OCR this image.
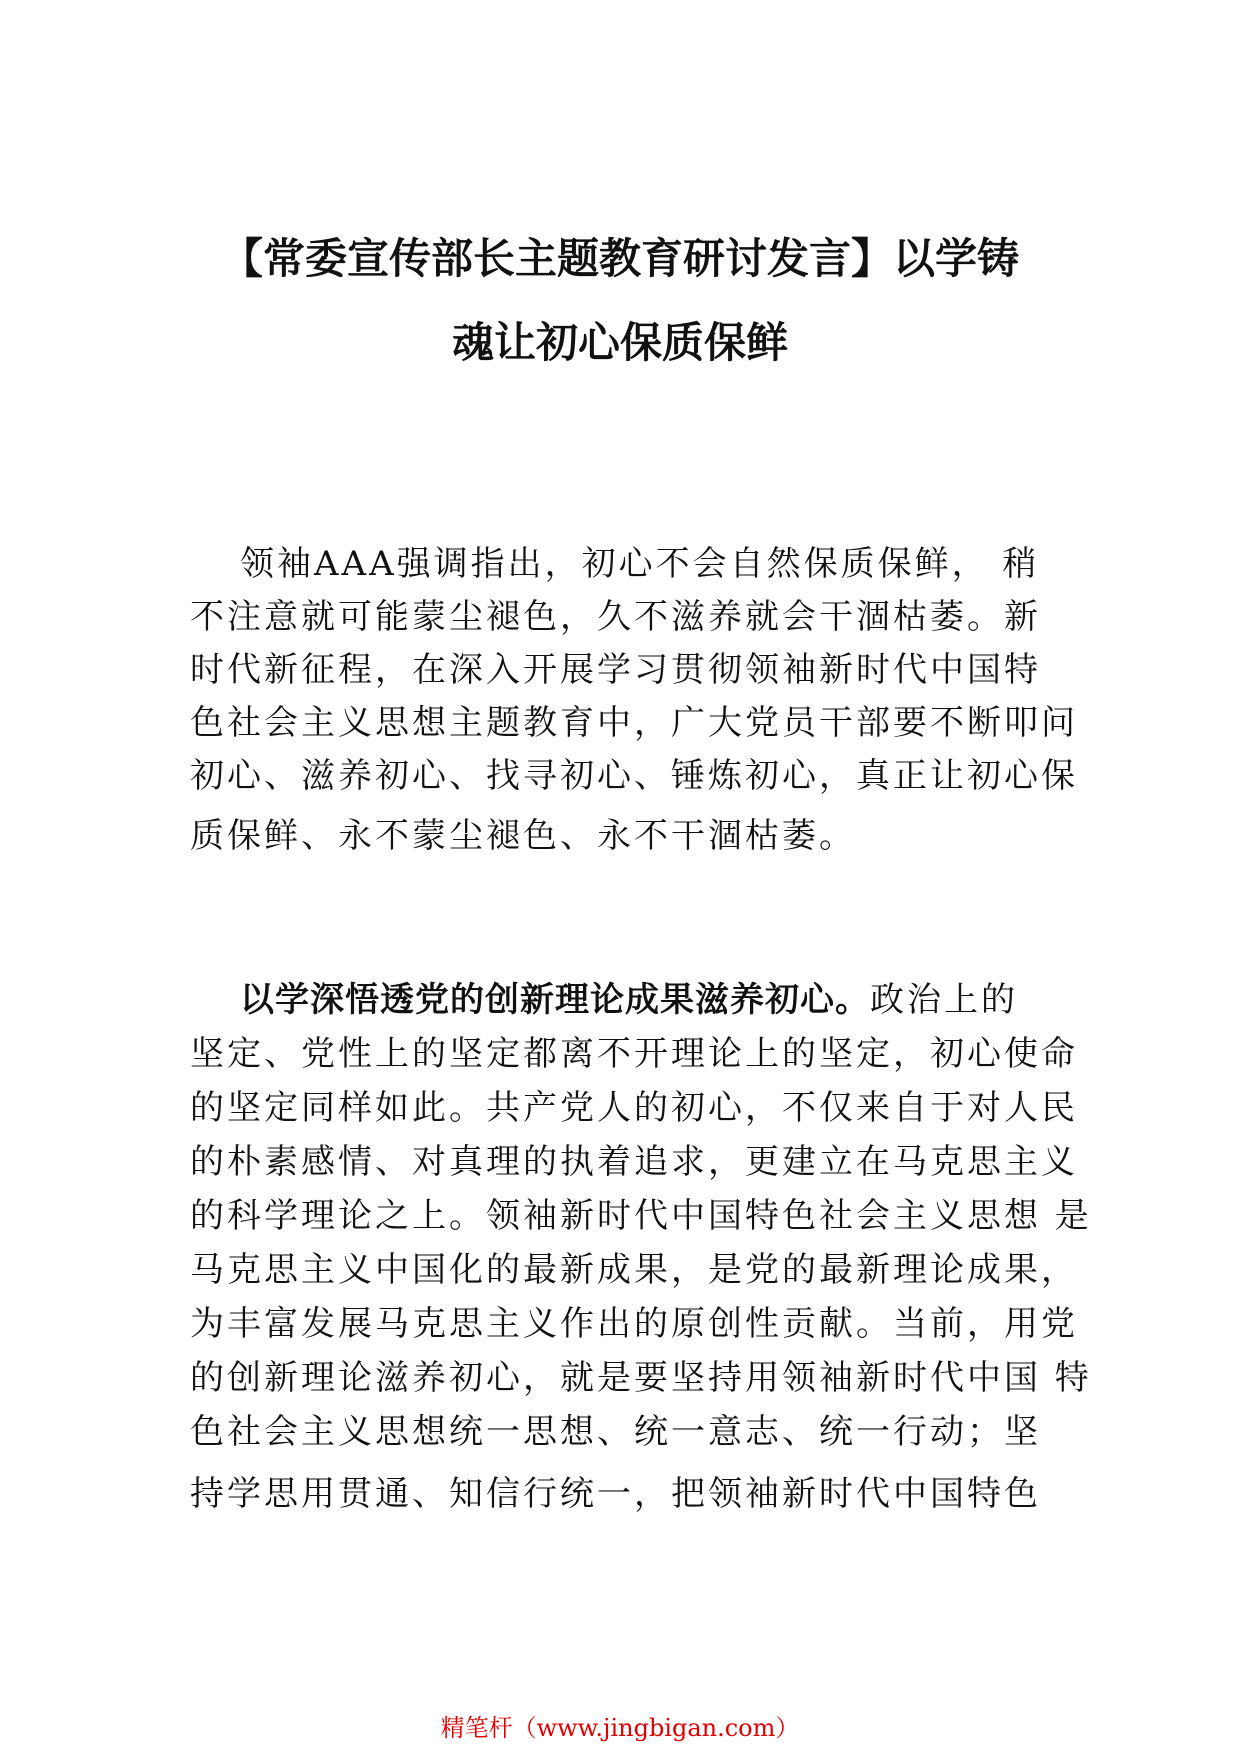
【常委宣传部长主题教育研讨发言】以学铸
魂让初心保质保鲜
领袖AAA强调指出，初心不会自然保质保鲜， 稍
不注意就可能蒙尘褪色，久不滋养就会干涸枯萎。新
时代新征程，在深入开展学习贯彻领袖新时代中国特
色社会主义思想主题教育中，广大党员干部要不断叩问
初心、滋养初心、找寻初心、锤炼初心，真正让初心保
质保鲜、永不蒙尘褪色、永不干涸枯萎。
以学深悟透党的创新理论成果滋养初心。政治上的
坚定、党性上的坚定都离不开理论上的坚定，初心使命
的坚定同样如此。共产党人的初心，不仅来自于对人民
的朴素感情、对真理的执着追求，更建立在马克思主义
的科学理论之上。领袖新时代中国特色社会主义思想 是
马克思主义中国化的最新成果，是党的最新理论成果，
为丰富发展马克思主义作出的原创性贡献。当前，用党
的创新理论滋养初心，就是要坚持用领袖新时代中国 特
色社会主义思想统一思想、统一意志、统一行动；坚
持学思用贯通、知信行统一，把领袖新时代中国特色
精笔杆（www.jingbigan.com）
